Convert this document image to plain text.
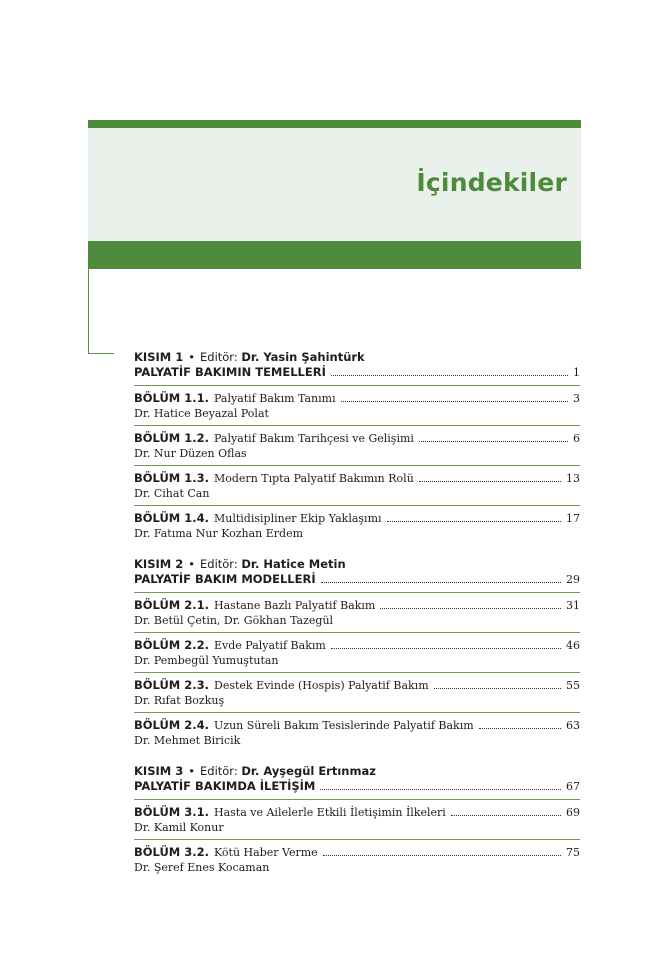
İçindekiler
KISIM 1 • Editör: Dr. Yasin Şahintürk
PALYATİF BAKIMIN TEMELLERİ	1
BÖLÜM 1.1. Palyatif Bakım Tanımı	3
Dr. Hatice Beyazal Polat
BÖLÜM 1.2. Palyatif Bakım Tarihçesi ve Gelişimi	6
Dr. Nur Düzen Oflas
BÖLÜM 1.3. Modern Tıpta Palyatif Bakımın Rolü	13
Dr. Cihat Can
BÖLÜM 1.4. Multidisipliner Ekip Yaklaşımı	17
Dr. Fatıma Nur Kozhan Erdem
KISIM 2 • Editör: Dr. Hatice Metin
PALYATİF BAKIM MODELLERİ	29
BÖLÜM 2.1. Hastane Bazlı Palyatif Bakım	31
Dr. Betül Çetin, Dr. Gökhan Tazegül
BÖLÜM 2.2. Evde Palyatif Bakım	46
Dr. Pembegül Yumuştutan
BÖLÜM 2.3. Destek Evinde (Hospis) Palyatif Bakım	55
Dr. Rıfat Bozkuş
BÖLÜM 2.4. Uzun Süreli Bakım Tesislerinde Palyatif Bakım	63
Dr. Mehmet Biricik
KISIM 3 • Editör: Dr. Ayşegül Ertınmaz
PALYATİF BAKIMDA İLETİŞİM	67
BÖLÜM 3.1. Hasta ve Ailelerle Etkili İletişimin İlkeleri	69
Dr. Kamil Konur
BÖLÜM 3.2. Kötü Haber Verme	75
Dr. Şeref Enes Kocaman
